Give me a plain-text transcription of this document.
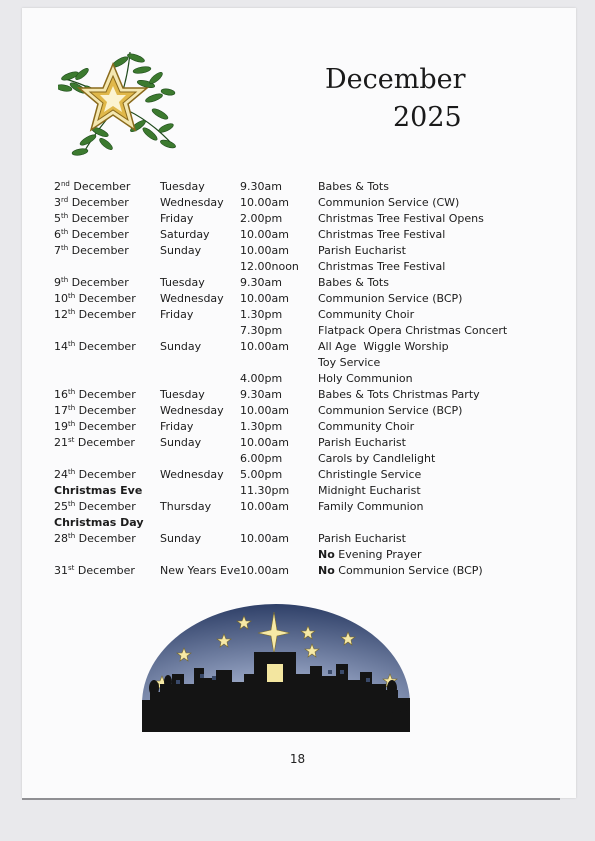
December
2025
2nd December	Tuesday	9.30am	Babes & Tots
3rd December	Wednesday 10.00am	Communion Service (CW)
5th December	Friday	2.00pm	Christmas Tree Festival Opens
6th December	Saturday	10.00am	Christmas Tree Festival
7th December	Sunday	10.00am	Parish Eucharist
12.00noon Christmas Tree Festival
9th December	Tuesday	9.30am	Babes & Tots
10th December Wednesday 10.00am	Communion Service (BCP)
12th December Friday	1.30pm	Community Choir
7.30pm	Flatpack Opera Christmas Concert
14th December Sunday	10.00am	All Age  Wiggle Worship
Toy Service
4.00pm	Holy Communion
16th December Tuesday	9.30am	Babes & Tots Christmas Party
17th December Wednesday 10.00am	Communion Service (BCP)
19th December Friday	1.30pm	Community Choir
21st December Sunday	10.00am	Parish Eucharist
6.00pm	Carols by Candlelight
24th December Wednesday 5.00pm	Christingle Service
Christmas Eve	11.30pm	Midnight Eucharist
25th December Thursday	10.00am	Family Communion
Christmas Day
28th December Sunday	10.00am	Parish Eucharist
No Evening Prayer
31st December New Years Eve 10.00am	No Communion Service (BCP)
18
